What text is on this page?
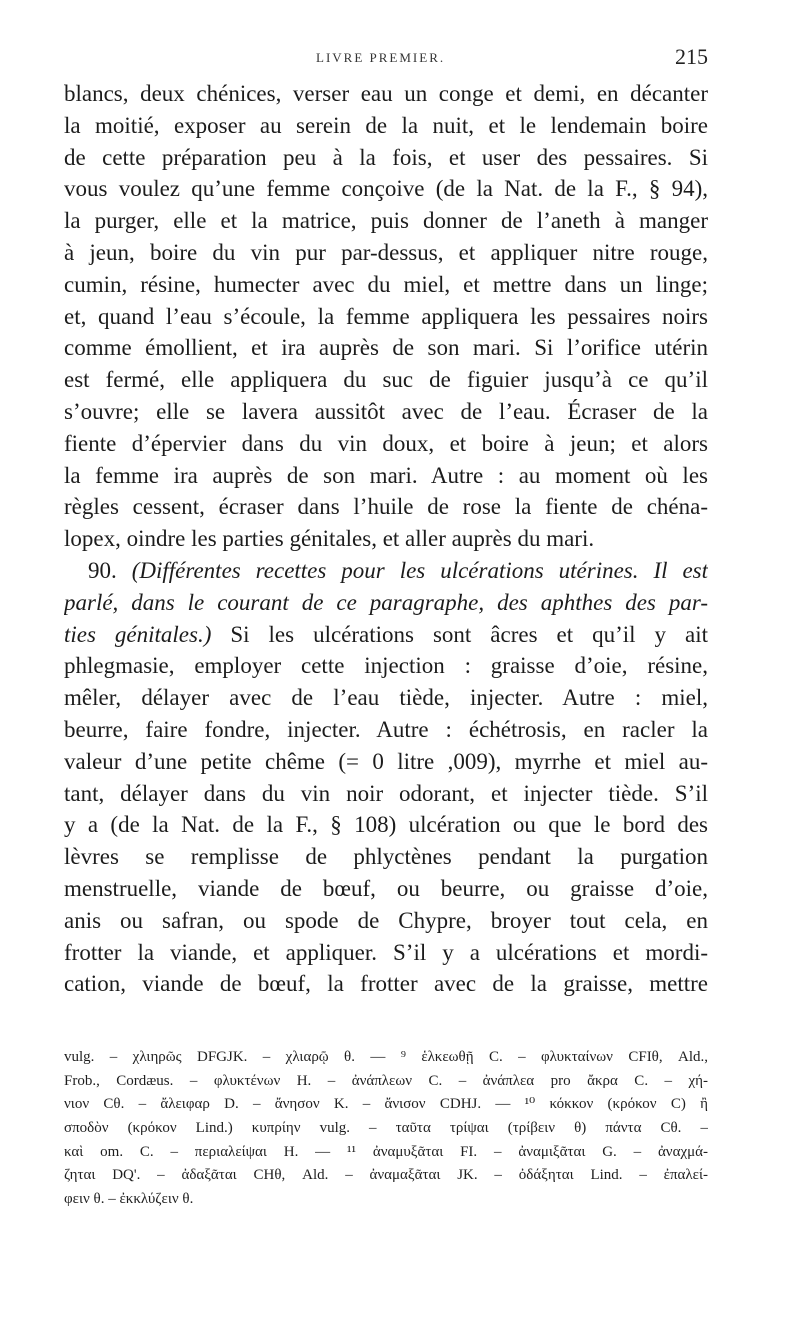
LIVRE PREMIER.	215
blancs, deux chénices, verser eau un conge et demi, en décanter
la moitié, exposer au serein de la nuit, et le lendemain boire
de cette préparation peu à la fois, et user des pessaires. Si
vous voulez qu’une femme conçoive (de la Nat. de la F., § 94),
la purger, elle et la matrice, puis donner de l’aneth à manger
à jeun, boire du vin pur par-dessus, et appliquer nitre rouge,
cumin, résine, humecter avec du miel, et mettre dans un linge;
et, quand l’eau s’écoule, la femme appliquera les pessaires noirs
comme émollient, et ira auprès de son mari. Si l’orifice utérin
est fermé, elle appliquera du suc de figuier jusqu’à ce qu’il
s’ouvre; elle se lavera aussitôt avec de l’eau. Écraser de la
fiente d’épervier dans du vin doux, et boire à jeun; et alors
la femme ira auprès de son mari. Autre : au moment où les
règles cessent, écraser dans l’huile de rose la fiente de chéna-
lopex, oindre les parties génitales, et aller auprès du mari.
90. (Différentes recettes pour les ulcérations utérines. Il est
parlé, dans le courant de ce paragraphe, des aphthes des par-
ties génitales.) Si les ulcérations sont âcres et qu’il y ait
phlegmasie, employer cette injection : graisse d’oie, résine,
mêler, délayer avec de l’eau tiède, injecter. Autre : miel,
beurre, faire fondre, injecter. Autre : échétrosis, en racler la
valeur d’une petite chême (= 0 litre ,009), myrrhe et miel au-
tant, délayer dans du vin noir odorant, et injecter tiède. S’il
y a (de la Nat. de la F., § 108) ulcération ou que le bord des
lèvres se remplisse de phlyctènes pendant la purgation
menstruelle, viande de bœuf, ou beurre, ou graisse d’oie,
anis ou safran, ou spode de Chypre, broyer tout cela, en
frotter la viande, et appliquer. S’il y a ulcérations et mordi-
cation, viande de bœuf, la frotter avec de la graisse, mettre
vulg. – χλιηρῶς DFGJK. – χλιαρῷ θ. — ⁹ ἑλκεωθῇ C. – φλυκταίνων CFIθ, Ald.,
Frob., Cordæus. – φλυκτένων H. – ἀνάπλεων C. – ἀνάπλεα pro ἄκρα C. – χή-
νιον Cθ. – ἄλειφαρ D. – ἄνησον K. – ἄνισον CDHJ. — ¹⁰ κόκκον (κρόκον C) ἢ
σποδὸν (κρόκον Lind.) κυπρίην vulg. – ταῦτα τρίψαι (τρίβειν θ) πάντα Cθ. –
καὶ om. C. – περιαλείψαι H. — ¹¹ ἀναμυξᾶται FI. – ἀναμιξᾶται G. – ἀναχμά-
ζηται DQ'. – ἀδαξᾶται CHθ, Ald. – ἀναμαξᾶται JK. – ὀδάξηται Lind. – ἐπαλεί-
φειν θ. – ἐκκλύζειν θ.
